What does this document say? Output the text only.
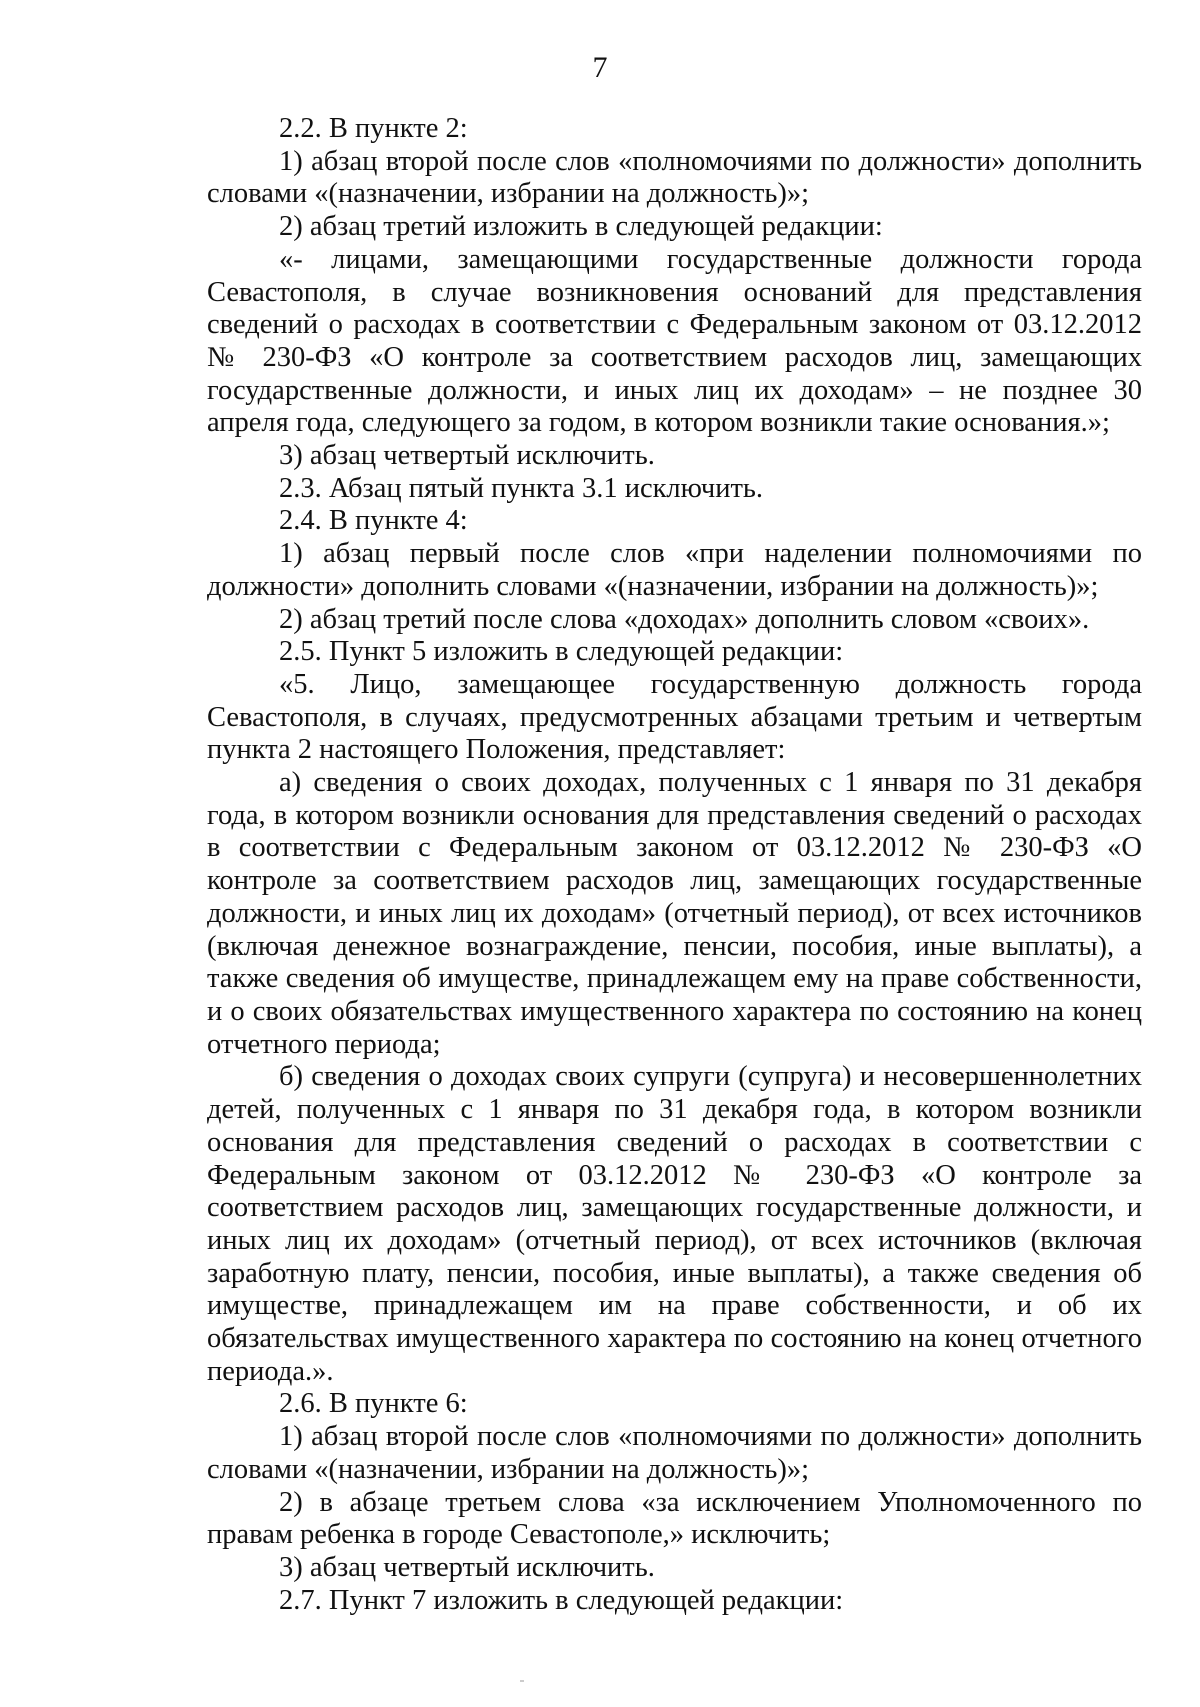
7

2.2. В пункте 2:

1) абзац второй после слов «полномочиями по должности» дополнить словами «(назначении, избрании на должность)»;

2) абзац третий изложить в следующей редакции:

«- лицами, замещающими государственные должности города Севастополя, в случае возникновения оснований для представления сведений о расходах в соответствии с Федеральным законом от 03.12.2012 № 230-ФЗ «О контроле за соответствием расходов лиц, замещающих государственные должности, и иных лиц их доходам» – не позднее 30 апреля года, следующего за годом, в котором возникли такие основания.»;

3) абзац четвертый исключить.

2.3. Абзац пятый пункта 3.1 исключить.

2.4. В пункте 4:

1) абзац первый после слов «при наделении полномочиями по должности» дополнить словами «(назначении, избрании на должность)»;

2) абзац третий после слова «доходах» дополнить словом «своих».

2.5. Пункт 5 изложить в следующей редакции:

«5. Лицо, замещающее государственную должность города Севастополя, в случаях, предусмотренных абзацами третьим и четвертым пункта 2 настоящего Положения, представляет:

а) сведения о своих доходах, полученных с 1 января по 31 декабря года, в котором возникли основания для представления сведений о расходах в соответствии с Федеральным законом от 03.12.2012 № 230-ФЗ «О контроле за соответствием расходов лиц, замещающих государственные должности, и иных лиц их доходам» (отчетный период), от всех источников (включая денежное вознаграждение, пенсии, пособия, иные выплаты), а также сведения об имуществе, принадлежащем ему на праве собственности, и о своих обязательствах имущественного характера по состоянию на конец отчетного периода;

б) сведения о доходах своих супруги (супруга) и несовершеннолетних детей, полученных с 1 января по 31 декабря года, в котором возникли основания для представления сведений о расходах в соответствии с Федеральным законом от 03.12.2012 № 230-ФЗ «О контроле за соответствием расходов лиц, замещающих государственные должности, и иных лиц их доходам» (отчетный период), от всех источников (включая заработную плату, пенсии, пособия, иные выплаты), а также сведения об имуществе, принадлежащем им на праве собственности, и об их обязательствах имущественного характера по состоянию на конец отчетного периода.».

2.6. В пункте 6:

1) абзац второй после слов «полномочиями по должности» дополнить словами «(назначении, избрании на должность)»;

2) в абзаце третьем слова «за исключением Уполномоченного по правам ребенка в городе Севастополе,» исключить;

3) абзац четвертый исключить.

2.7. Пункт 7 изложить в следующей редакции:
